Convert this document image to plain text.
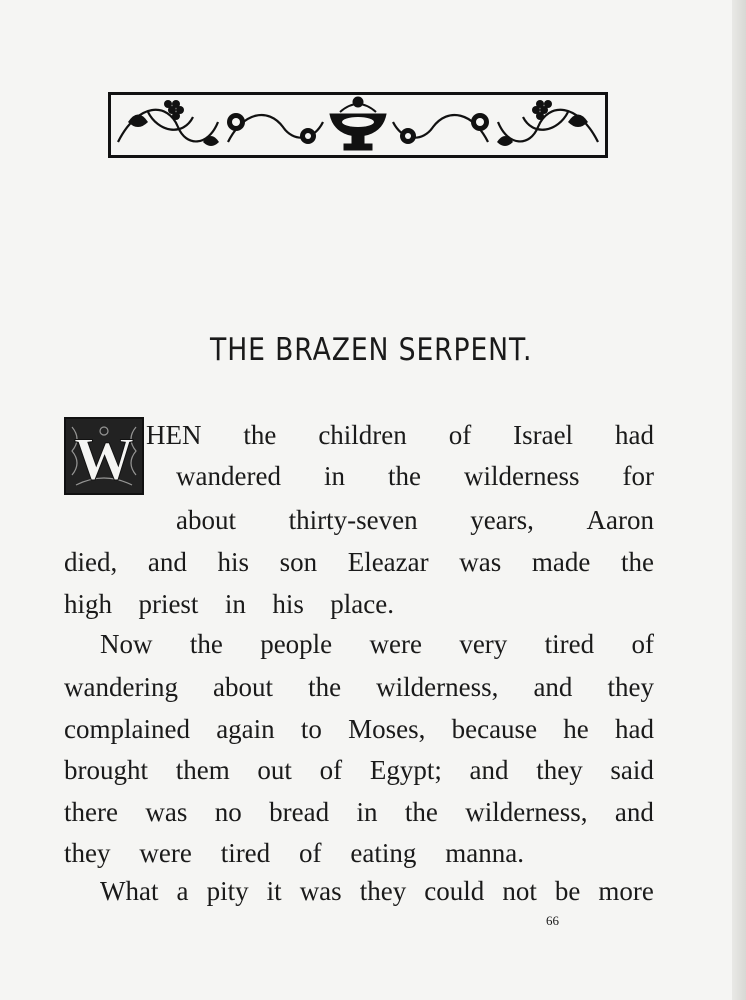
THE BRAZEN SERPENT.
W HEN the children of Israel had
wandered in the wilderness for
about thirty-seven years, Aaron
died, and his son Eleazar was made the
high priest in his place.
Now the people were very tired of
wandering about the wilderness, and they
complained again to Moses, because he had
brought them out of Egypt; and they said
there was no bread in the wilderness, and
they were tired of eating manna.
What a pity it was they could not be more
66
